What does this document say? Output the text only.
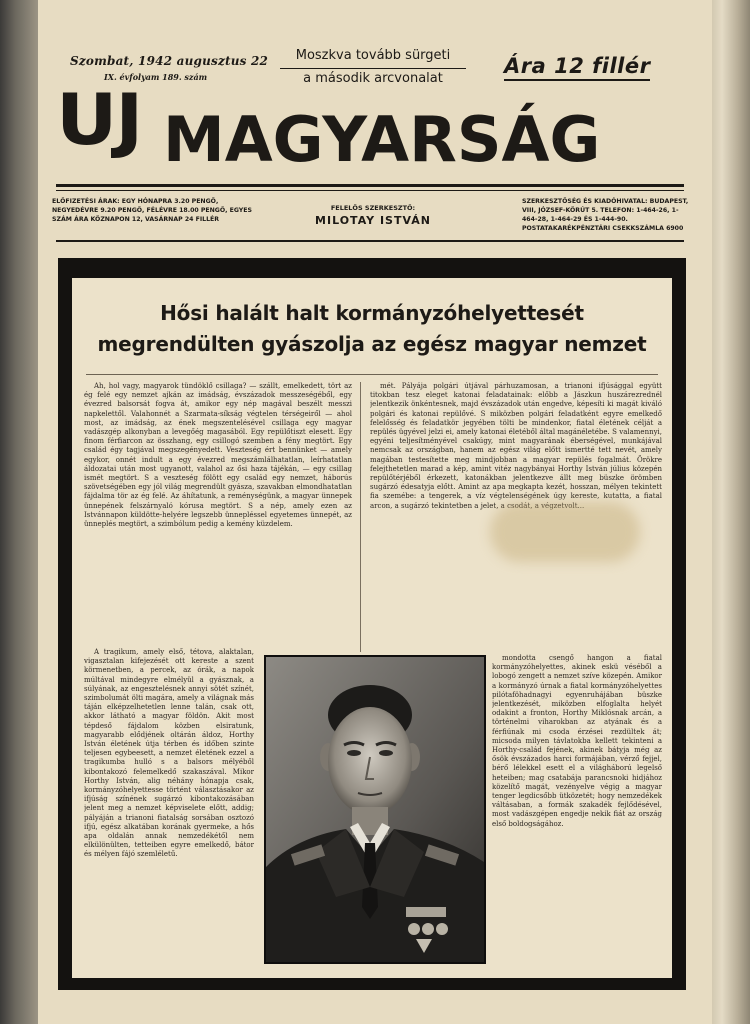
Szombat, 1942 augusztus 22
IX. évfolyam 189. szám
Moszkva tovább sürgeti
a második arcvonalat
Ára 12 fillér
UJ MAGYARSÁG
ELŐFIZETÉSI ÁRAK: EGY HÓNAPRA 3.20 PENGŐ, NEGYEDÉVRE 9.20 PENGŐ, FÉLÉVRE 18.00 PENGŐ, EGYES SZÁM ÁRA KÖZNAPON 12, VASÁRNAP 24 FILLÉR
FELELŐS SZERKESZTŐ:
MILOTAY ISTVÁN
SZERKESZTŐSÉG ÉS KIADÓHIVATAL: BUDAPEST, VIII, JÓZSEF-KÖRÚT 5. TELEFON: 1-464-26, 1-464-28, 1-464-29 ÉS 1-444-90. POSTATAKARÉKPÉNZTÁRI CSEKKSZÁMLA 6900
Hősi halált halt kormányzóhelyettesét
megrendülten gyászolja az egész magyar nemzet

Ah, hol vagy, magyarok tündöklő csillaga? — szállt, emelkedett, tört az ég felé egy nemzet ajkán az imádság, évszázadok messzeségéből, egy évezred balsorsát fogva át, amikor egy nép magával beszélt messzi napkelettől. Valahonnét a Szarmata-síkság végtelen térségeiről — ahol most, az imádság, az ének megszentelésével csillaga egy magyar vadászgép alkonyban a levegőég magasából. Egy repülőtiszt elesett. Egy finom férfiarcon az összhang, egy csillogó szemben a fény megtört. Egy család égy tagjával megszegényedett. Veszteség ért bennünket — amely egykor, onnét indult a egy évezred megszámlálhatatlan, leírhatatlan áldozatai után most ugyanott, valahol az ősi haza tájékán, — egy csillag ismét megtört. S a veszteség fölött egy család egy nemzet, háborús szövetségében egy jól világ megrendült gyásza, szavakban elmondhatatlan fájdalma tör az ég felé. Az áhítatunk, a reménységünk, a magyar ünnepek ünnepének felszárnyaló kórusa megtört. S a nép, amely ezen az Istvánnapon küldötte-helyére legszebb ünnepléssel egyetemes ünnepét, az ünneplés megtört, a szimbólum pedig a kemény küzdelem.

mét. Pályája polgári útjával párhuzamosan, a trianoni ifjúsággal együtt titokban tesz eleget katonai feladatainak: előbb a Jászkun huszárezrednél jelentkezik önkéntesnek, majd évszázadok után engedve, képesíti ki magát kiváló polgári és katonai repülővé. S miközben polgári feladatként egyre emelkedő felelősség és feladatkör jegyében tölti be mindenkor, fiatal életének célját a repülés ügyével jelzi ei, amely katonai életéből által magánéletébe. S valamennyi, egyéni teljesítményével csakúgy, mint magyarának éberségével, munkájával nemcsak az országban, hanem az egész világ előtt ismertté tett nevét, amely magában testesítette meg mindjobban a magyar repülés fogalmát. Örökre felejthetetlen marad a kép, amint vitéz nagybányai Horthy István július közepén repülőtérjéből érkezett, katonákban jelentkezve állt meg büszke örömben sugárzó édesatyja előtt. Amint az apa megkapta kezét, hosszan, mélyen tekintett fia szemébe: a tengerek, a víz végtelenségének úgy kereste, kutatta, a fiatal arcon, a sugárzó tekintetben a jelet, a csodát, a végzetvolt...

A tragikum, amely első, tétova, alaktalan, vigasztalan kifejezését ott kereste a szent körmenetben, a percek, az órák, a napok múltával mindegyre elmélyül a gyásznak, a súlyának, az engesztelésnek annyi sötét színét, szimbolumát ölti magára, amely a világnak más táján elképzelhetetlen lenne talán, csak ott, akkor látható a magyar földön. Akit most tépdeső fájdalom közben elsiratunk, magyarabb elődjének oltárán áldoz, Horthy István életének útja térben és időben szinte teljesen egybeesett, a nemzet életének ezzel a tragikumba hulló s a balsors mélyéből kibontakozó felemelkedő szakaszával. Mikor Horthy István, alig néhány hónapja csak, kormányzóhelyettesse történt választásakor az ifjúság színének sugárzó kibontakozásában jelent meg a nemzet képviselete előtt, addig; pályáján a trianoni fiatalság sorsában osztozó ifjú, egész alkatában korának gyermeke, a hős apa oldalán annak nemzedékétől nem elkülönülten, tetteiben egyre emelkedő, bátor és mélyen fájó szemléletű.

mondotta csengő hangon a fiatal kormányzóhelyettes, akinek eskü véséből a lobogó zengett a nemzet szíve közepén. Amikor a kormányzó úrnak a fiatal kormányzóhelyettes pilótaföhadnagyi egyenruhájában büszke jelentkezését, miközben elfoglalta helyét odakint a fronton, Horthy Miklósnak arcán, a történelmi viharokban az atyának és a férfiúnak mi csoda érzései rezdültek át; micsoda milyen távlatokba kellett tekinteni a Horthy-család fejének, akinek bátyja még az ősök évszázados harci formájában, vérző fejjel, bérő lélekkel esett el a világháború legelső heteiben; mag csatabája parancsnoki hidjához közelítő magát, vezényelve végig a magyar tenger legdicsőbb ütközetét; hogy nemzedékek váltásaban, a formák szakadék fejlődésével, most vadászgépen engedje nekik fiát az ország első boldogságához.
